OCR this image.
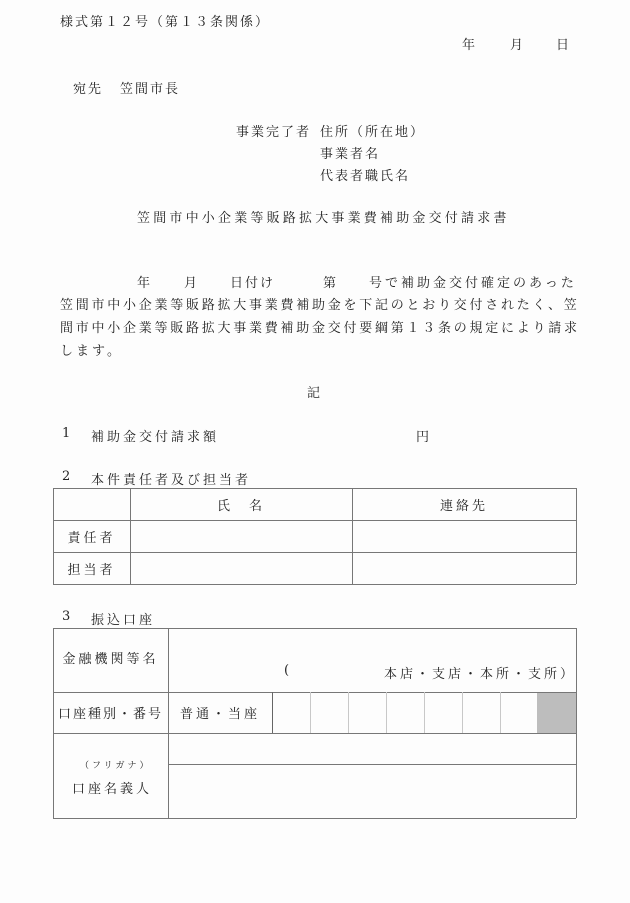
様式第１２号（第１３条関係）
年	月 日
宛先 笠間市長
事業完了者 住所（所在地）
事業者名
代表者職氏名
笠間市中小企業等販路拡大事業費補助金交付請求書
年 月 日付け	第 号で補助金交付確定のあった
笠間市中小企業等販路拡大事業費補助金を下記のとおり交付されたく、笠
間市中小企業等販路拡大事業費補助金交付要綱第１３条の規定により請求
します。
記
1 補助金交付請求額	円
2 本件責任者及び担当者
氏　名	連絡先
責任者
担当者
3 振込口座
金融機関等名
(	本店・支店・本所・支所）
口座種別・番号	普通・当座
（フリガナ）
口座名義人
